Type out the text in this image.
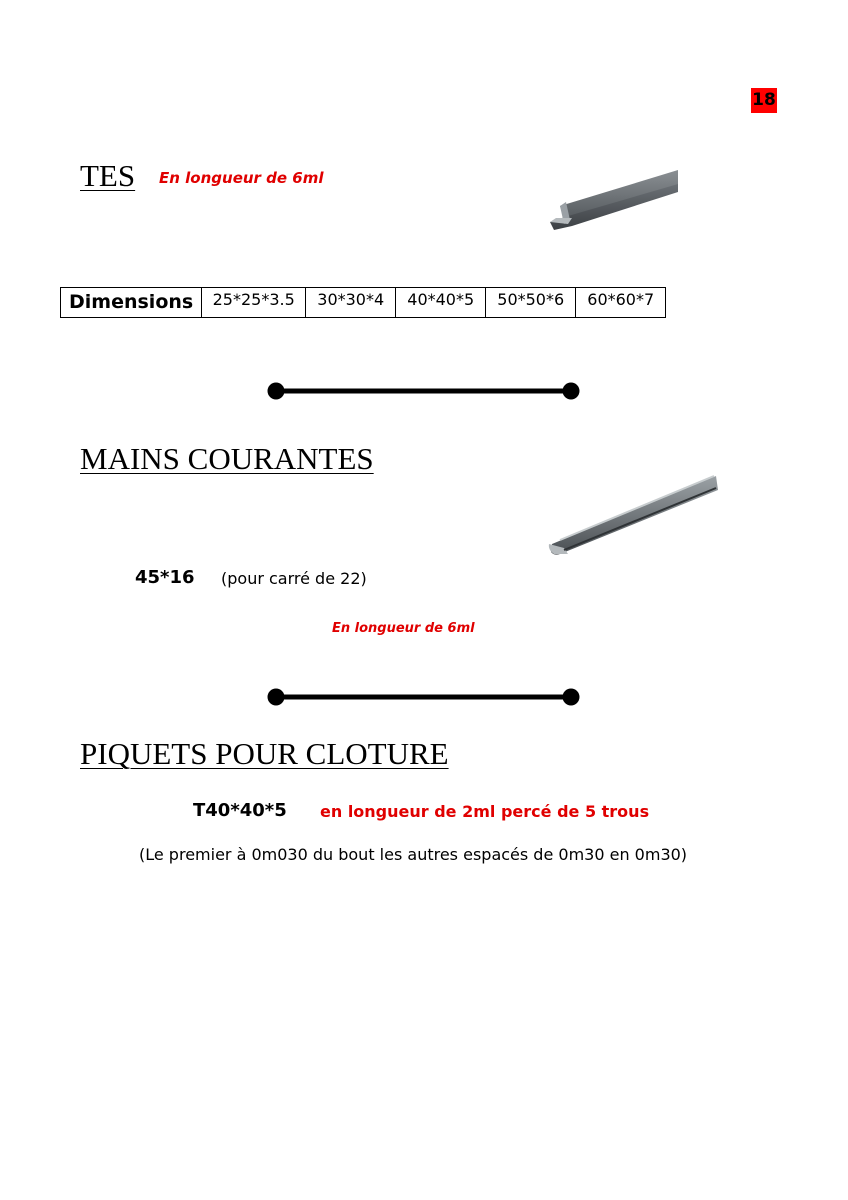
18
TES En longueur de 6ml
Dimensions	25*25*3.5	30*30*4	40*40*5	50*50*6	60*60*7
MAINS COURANTES
45*16 (pour carré de 22)
En longueur de 6ml
PIQUETS POUR CLOTURE
T40*40*5 en longueur de 2ml percé de 5 trous
(Le premier à 0m030 du bout les autres espacés de 0m30 en 0m30)
